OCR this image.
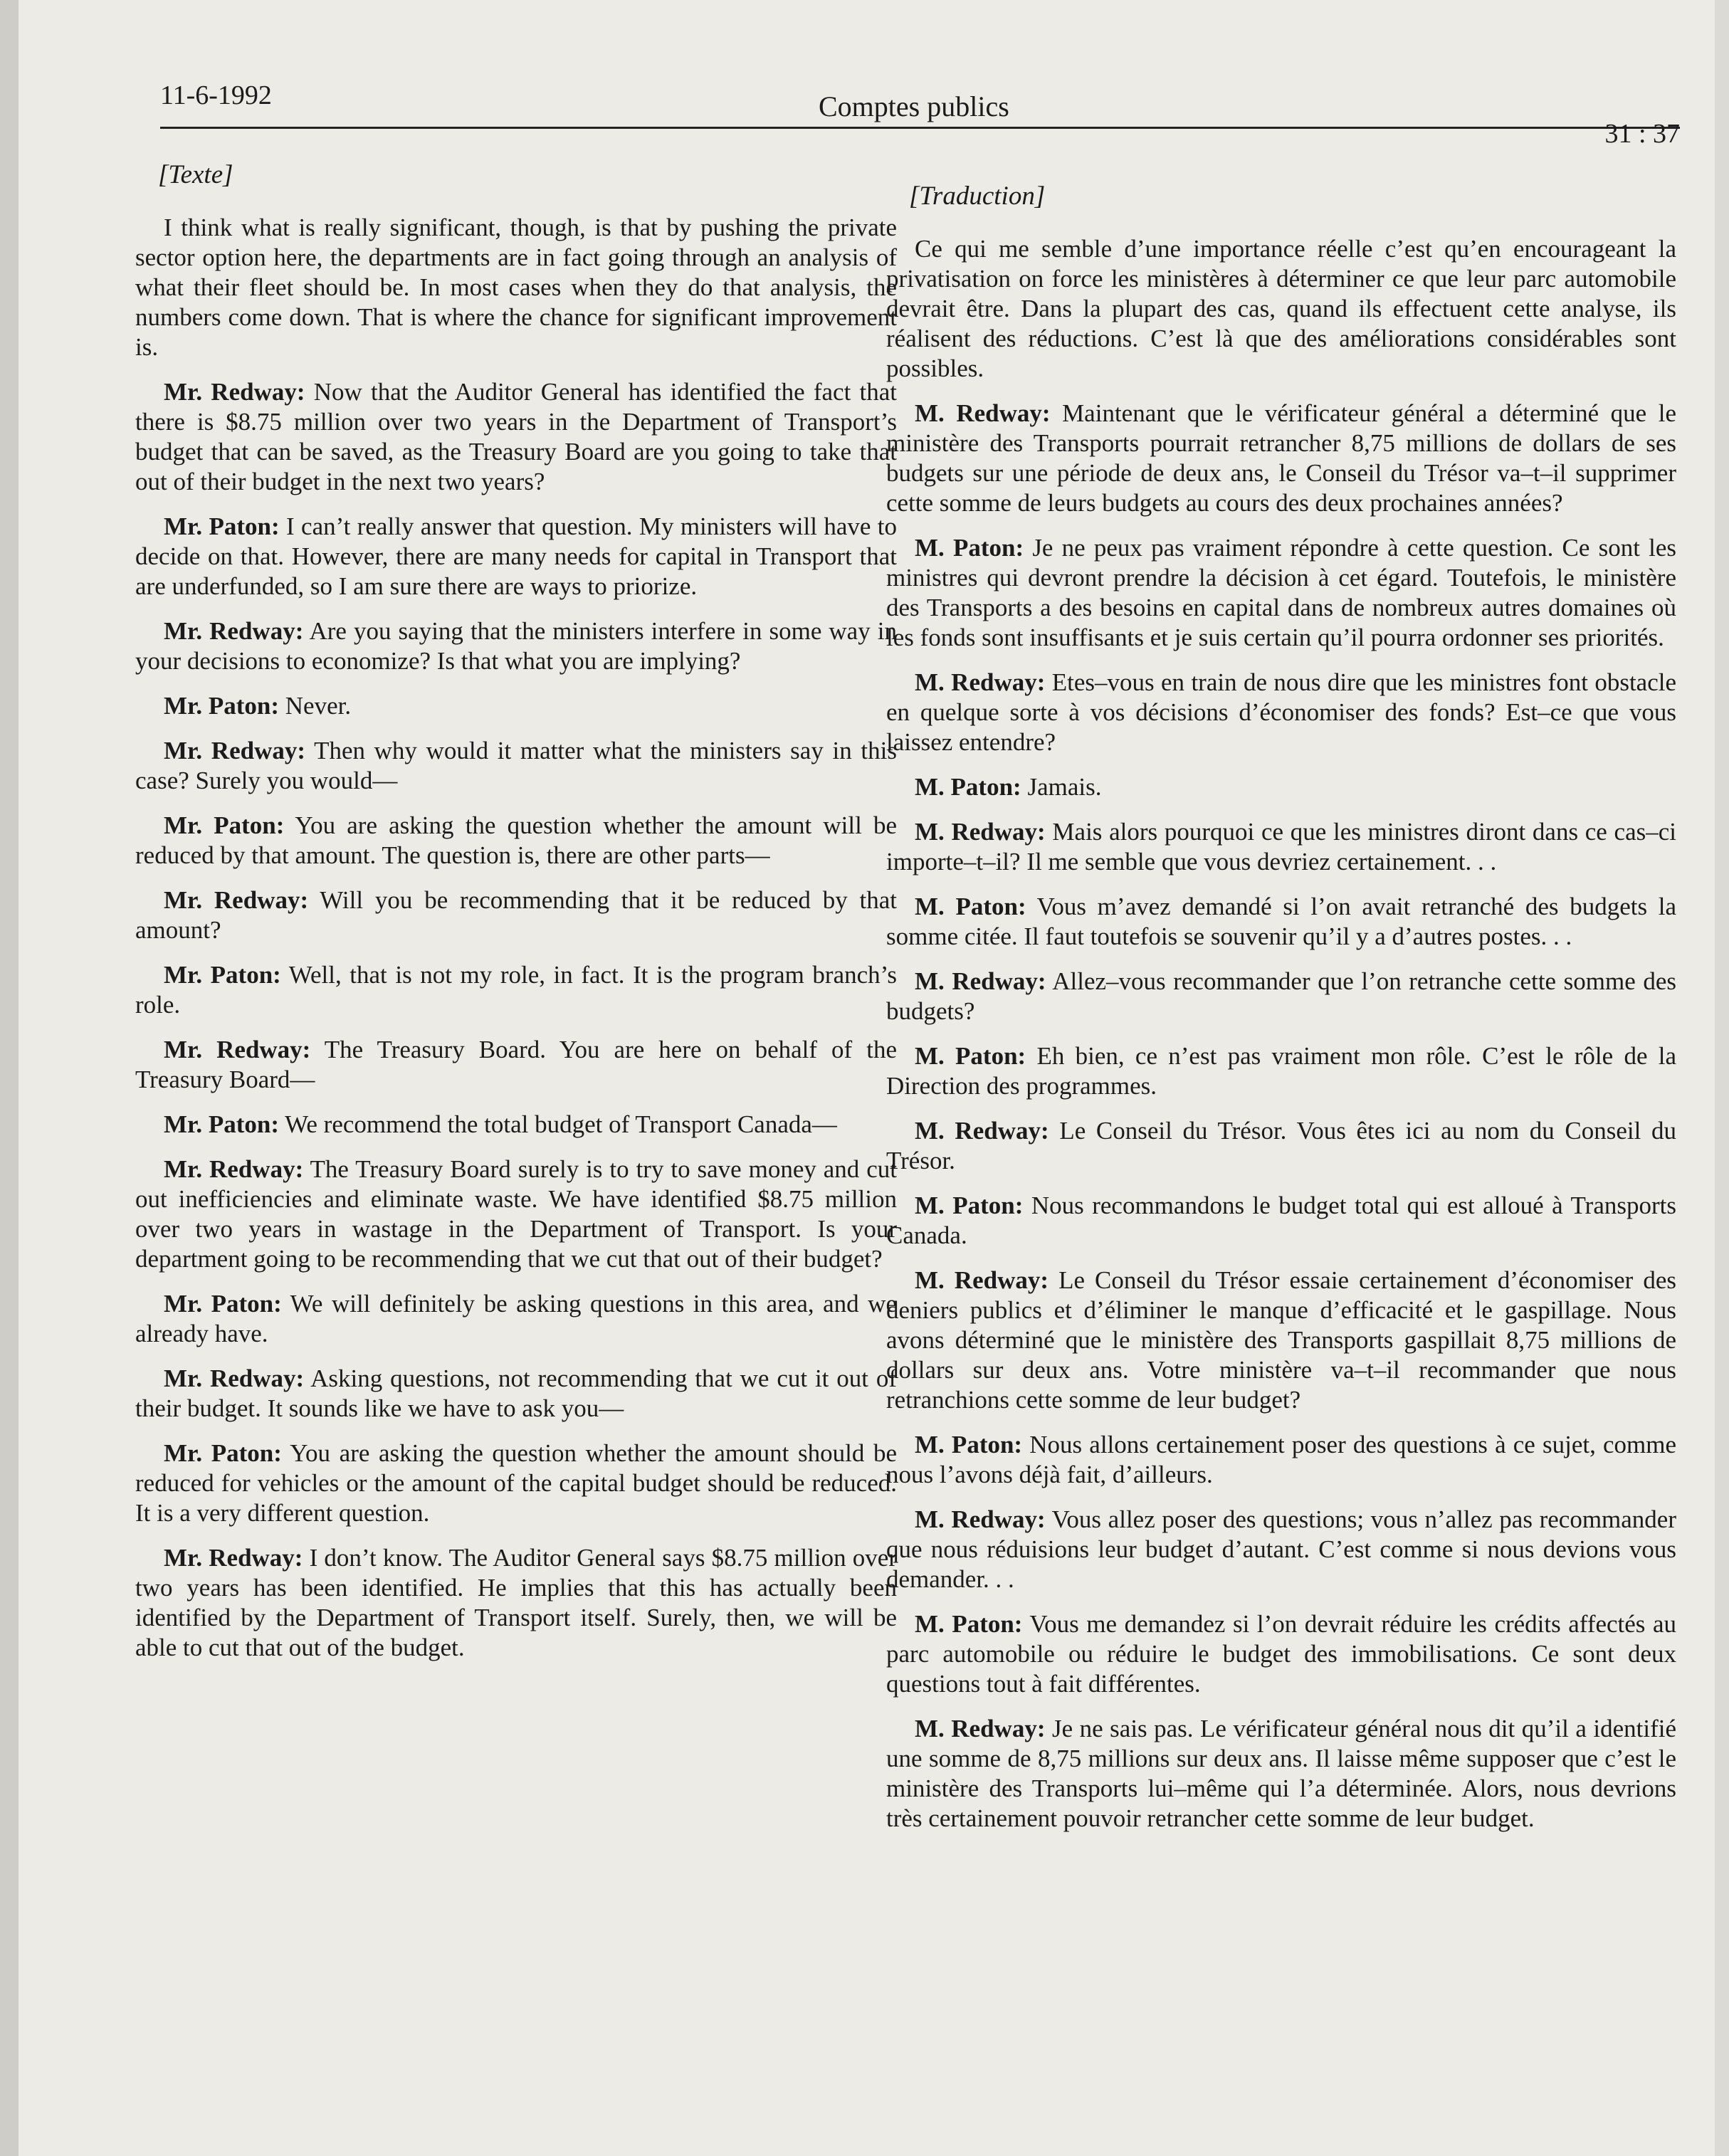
11-6-1992	Comptes publics
31 : 37
[Texte]

I think what is really significant, though, is that by pushing the private sector option here, the departments are in fact going through an analysis of what their fleet should be. In most cases when they do that analysis, the numbers come down. That is where the chance for significant improvement is.

Mr. Redway: Now that the Auditor General has identified the fact that there is $8.75 million over two years in the Department of Transport’s budget that can be saved, as the Treasury Board are you going to take that out of their budget in the next two years?

Mr. Paton: I can’t really answer that question. My ministers will have to decide on that. However, there are many needs for capital in Transport that are underfunded, so I am sure there are ways to priorize.

Mr. Redway: Are you saying that the ministers interfere in some way in your decisions to economize? Is that what you are implying?

Mr. Paton: Never.

Mr. Redway: Then why would it matter what the ministers say in this case? Surely you would—

Mr. Paton: You are asking the question whether the amount will be reduced by that amount. The question is, there are other parts—

Mr. Redway: Will you be recommending that it be reduced by that amount?

Mr. Paton: Well, that is not my role, in fact. It is the program branch’s role.

Mr. Redway: The Treasury Board. You are here on behalf of the Treasury Board—

Mr. Paton: We recommend the total budget of Transport Canada—

Mr. Redway: The Treasury Board surely is to try to save money and cut out inefficiencies and eliminate waste. We have identified $8.75 million over two years in wastage in the Department of Transport. Is your department going to be recommending that we cut that out of their budget?

Mr. Paton: We will definitely be asking questions in this area, and we already have.

Mr. Redway: Asking questions, not recommending that we cut it out of their budget. It sounds like we have to ask you—

Mr. Paton: You are asking the question whether the amount should be reduced for vehicles or the amount of the capital budget should be reduced. It is a very different question.

Mr. Redway: I don’t know. The Auditor General says $8.75 million over two years has been identified. He implies that this has actually been identified by the Department of Transport itself. Surely, then, we will be able to cut that out of the budget.

[Traduction]

Ce qui me semble d’une importance réelle c’est qu’en encourageant la privatisation on force les ministères à déterminer ce que leur parc automobile devrait être. Dans la plupart des cas, quand ils effectuent cette analyse, ils réalisent des réductions. C’est là que des améliorations considérables sont possibles.

M. Redway: Maintenant que le vérificateur général a déterminé que le ministère des Transports pourrait retrancher 8,75 millions de dollars de ses budgets sur une période de deux ans, le Conseil du Trésor va–t–il supprimer cette somme de leurs budgets au cours des deux prochaines années?

M. Paton: Je ne peux pas vraiment répondre à cette question. Ce sont les ministres qui devront prendre la décision à cet égard. Toutefois, le ministère des Transports a des besoins en capital dans de nombreux autres domaines où les fonds sont insuffisants et je suis certain qu’il pourra ordonner ses priorités.

M. Redway: Etes–vous en train de nous dire que les ministres font obstacle en quelque sorte à vos décisions d’économiser des fonds? Est–ce que vous laissez entendre?

M. Paton: Jamais.

M. Redway: Mais alors pourquoi ce que les ministres diront dans ce cas–ci importe–t–il? Il me semble que vous devriez certainement. . .

M. Paton: Vous m’avez demandé si l’on avait retranché des budgets la somme citée. Il faut toutefois se souvenir qu’il y a d’autres postes. . .

M. Redway: Allez–vous recommander que l’on retranche cette somme des budgets?

M. Paton: Eh bien, ce n’est pas vraiment mon rôle. C’est le rôle de la Direction des programmes.

M. Redway: Le Conseil du Trésor. Vous êtes ici au nom du Conseil du Trésor.

M. Paton: Nous recommandons le budget total qui est alloué à Transports Canada.

M. Redway: Le Conseil du Trésor essaie certainement d’économiser des deniers publics et d’éliminer le manque d’efficacité et le gaspillage. Nous avons déterminé que le ministère des Transports gaspillait 8,75 millions de dollars sur deux ans. Votre ministère va–t–il recommander que nous retranchions cette somme de leur budget?

M. Paton: Nous allons certainement poser des questions à ce sujet, comme nous l’avons déjà fait, d’ailleurs.

M. Redway: Vous allez poser des questions; vous n’allez pas recommander que nous réduisions leur budget d’autant. C’est comme si nous devions vous demander. . .

M. Paton: Vous me demandez si l’on devrait réduire les crédits affectés au parc automobile ou réduire le budget des immobilisations. Ce sont deux questions tout à fait différentes.

M. Redway: Je ne sais pas. Le vérificateur général nous dit qu’il a identifié une somme de 8,75 millions sur deux ans. Il laisse même supposer que c’est le ministère des Transports lui–même qui l’a déterminée. Alors, nous devrions très certainement pouvoir retrancher cette somme de leur budget.
